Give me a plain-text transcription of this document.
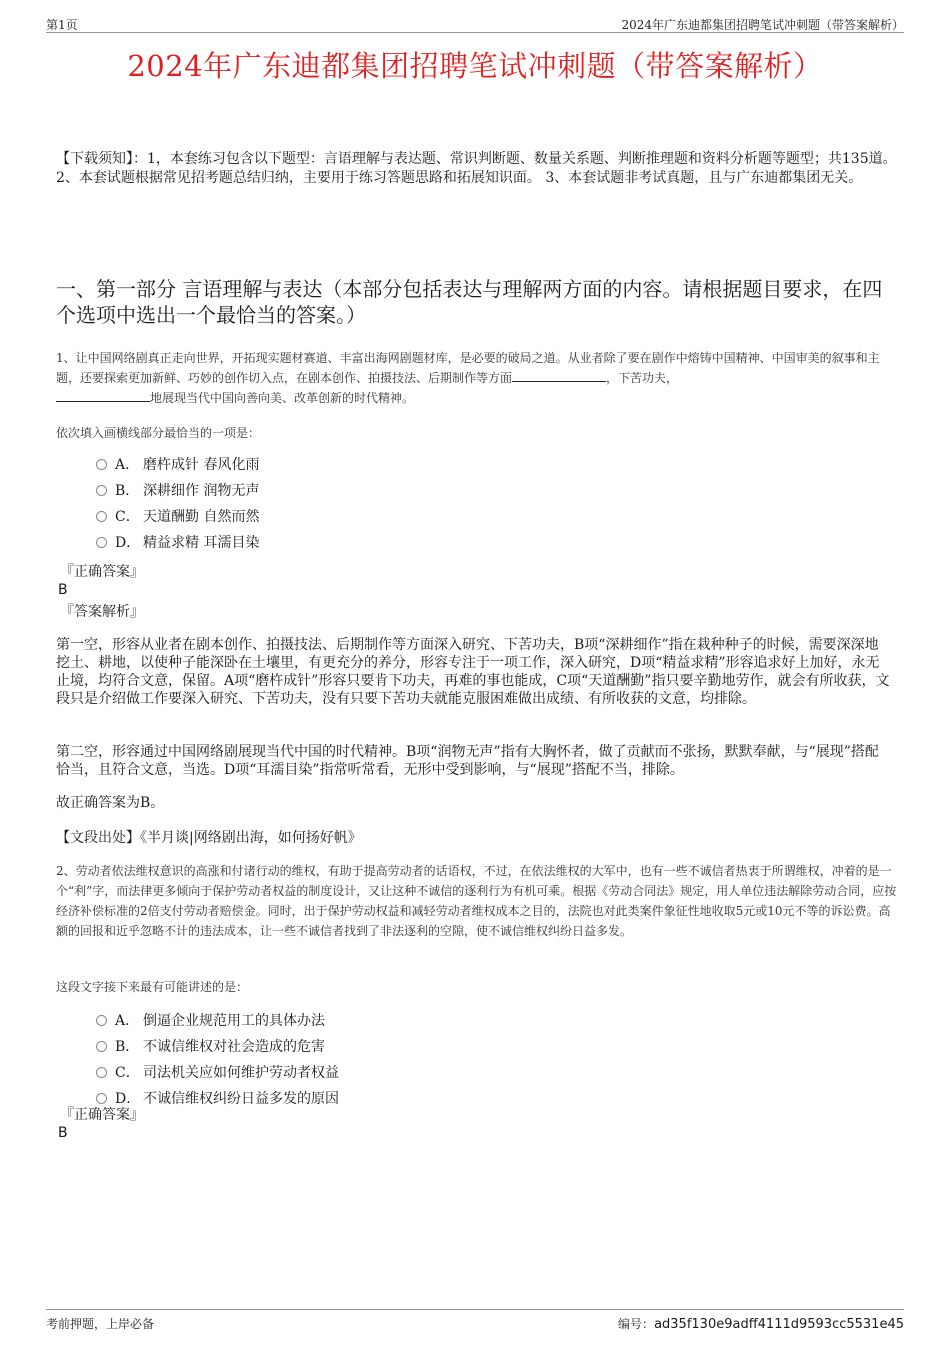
第1页	2024年广东迪都集团招聘笔试冲刺题（带答案解析）
2024年广东迪都集团招聘笔试冲刺题（带答案解析）
【下载须知】：1，本套练习包含以下题型：言语理解与表达题、常识判断题、数量关系题、判断推理题和资料分析题等题型；共135道。 2、本套试题根据常见招考题总结归纳，主要用于练习答题思路和拓展知识面。 3、本套试题非考试真题，且与广东迪都集团无关。
一、第一部分 言语理解与表达（本部分包括表达与理解两方面的内容。请根据题目要求，在四个选项中选出一个最恰当的答案。）
1、让中国网络剧真正走向世界，开拓现实题材赛道、丰富出海网剧题材库，是必要的破局之道。从业者除了要在剧作中熔铸中国精神、中国审美的叙事和主题，还要探索更加新鲜、巧妙的创作切入点，在剧本创作、拍摄技法、后期制作等方面	，下苦功夫，
地展现当代中国向善向美、改革创新的时代精神。
依次填入画横线部分最恰当的一项是：
A． 磨杵成针 春风化雨
B． 深耕细作 润物无声
C． 天道酬勤 自然而然
D． 精益求精 耳濡目染
『正确答案』
B
『答案解析』
第一空，形容从业者在剧本创作、拍摄技法、后期制作等方面深入研究、下苦功夫，B项“深耕细作”指在栽种种子的时候，需要深深地挖土、耕地，以使种子能深卧在土壤里，有更充分的养分，形容专注于一项工作，深入研究，D项“精益求精”形容追求好上加好，永无止境，均符合文意，保留。A项“磨杵成针”形容只要肯下功夫，再难的事也能成，C项“天道酬勤”指只要辛勤地劳作，就会有所收获，文段只是介绍做工作要深入研究、下苦功夫，没有只要下苦功夫就能克服困难做出成绩、有所收获的文意，均排除。
第二空，形容通过中国网络剧展现当代中国的时代精神。B项“润物无声”指有大胸怀者，做了贡献而不张扬，默默奉献，与“展现”搭配恰当，且符合文意，当选。D项“耳濡目染”指常听常看，无形中受到影响，与“展现”搭配不当，排除。
故正确答案为B。
【文段出处】《半月谈|网络剧出海，如何扬好帆》
2、劳动者依法维权意识的高涨和付诸行动的维权，有助于提高劳动者的话语权，不过，在依法维权的大军中，也有一些不诚信者热衷于所谓维权，冲着的是一个“利”字，而法律更多倾向于保护劳动者权益的制度设计，又让这种不诚信的逐利行为有机可乘。根据《劳动合同法》规定，用人单位违法解除劳动合同，应按经济补偿标准的2倍支付劳动者赔偿金。同时，出于保护劳动权益和减轻劳动者维权成本之目的，法院也对此类案件象征性地收取5元或10元不等的诉讼费。高额的回报和近乎忽略不计的违法成本，让一些不诚信者找到了非法逐利的空隙，使不诚信维权纠纷日益多发。
这段文字接下来最有可能讲述的是：
A． 倒逼企业规范用工的具体办法
B． 不诚信维权对社会造成的危害
C． 司法机关应如何维护劳动者权益
D． 不诚信维权纠纷日益多发的原因
『正确答案』
B
考前押题，上岸必备	编号：ad35f130e9adff4111d9593cc5531e45
